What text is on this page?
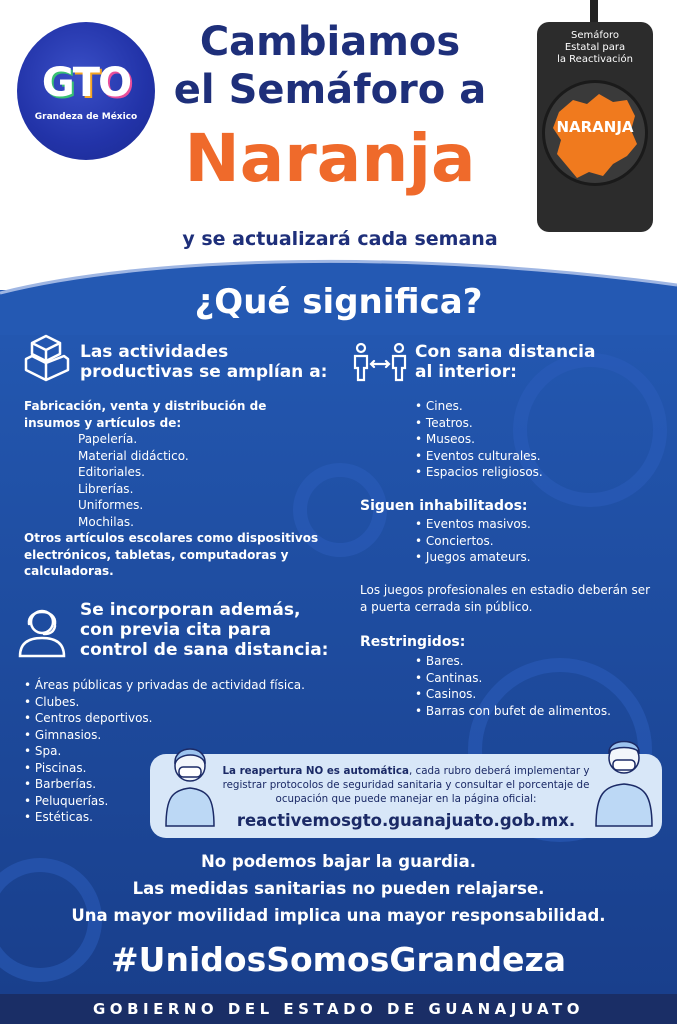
GTO
Grandeza de México
Cambiamos
el Semáforo a
Naranja
y se actualizará cada semana
Semáforo
Estatal para
la Reactivación
NARANJA
¿Qué significa?
Las actividades
productivas se amplían a:
Fabricación, venta y distribución de insumos y artículos de:
Papelería.
Material didáctico.
Editoriales.
Librerías.
Uniformes.
Mochilas.
Otros artículos escolares como dispositivos electrónicos, tabletas, computadoras y calculadoras.
Se incorporan además,
con previa cita para
control de sana distancia:
• Áreas públicas y privadas de actividad física.
• Clubes.
• Centros deportivos.
• Gimnasios.
• Spa.
• Piscinas.
• Barberías.
• Peluquerías.
• Estéticas.
Con sana distancia
al interior:
• Cines.
• Teatros.
• Museos.
• Eventos culturales.
• Espacios religiosos.
Siguen inhabilitados:
• Eventos masivos.
• Conciertos.
• Juegos amateurs.
Los juegos profesionales en estadio deberán ser a puerta cerrada sin público.
Restringidos:
• Bares.
• Cantinas.
• Casinos.
• Barras con bufet de alimentos.
La reapertura NO es automática, cada rubro deberá implementar y registrar protocolos de seguridad sanitaria y consultar el porcentaje de ocupación que puede manejar en la página oficial:
reactivemosgto.guanajuato.gob.mx.
No podemos bajar la guardia.
Las medidas sanitarias no pueden relajarse.
Una mayor movilidad implica una mayor responsabilidad.
#UnidosSomosGrandeza
GOBIERNO DEL ESTADO DE GUANAJUATO
